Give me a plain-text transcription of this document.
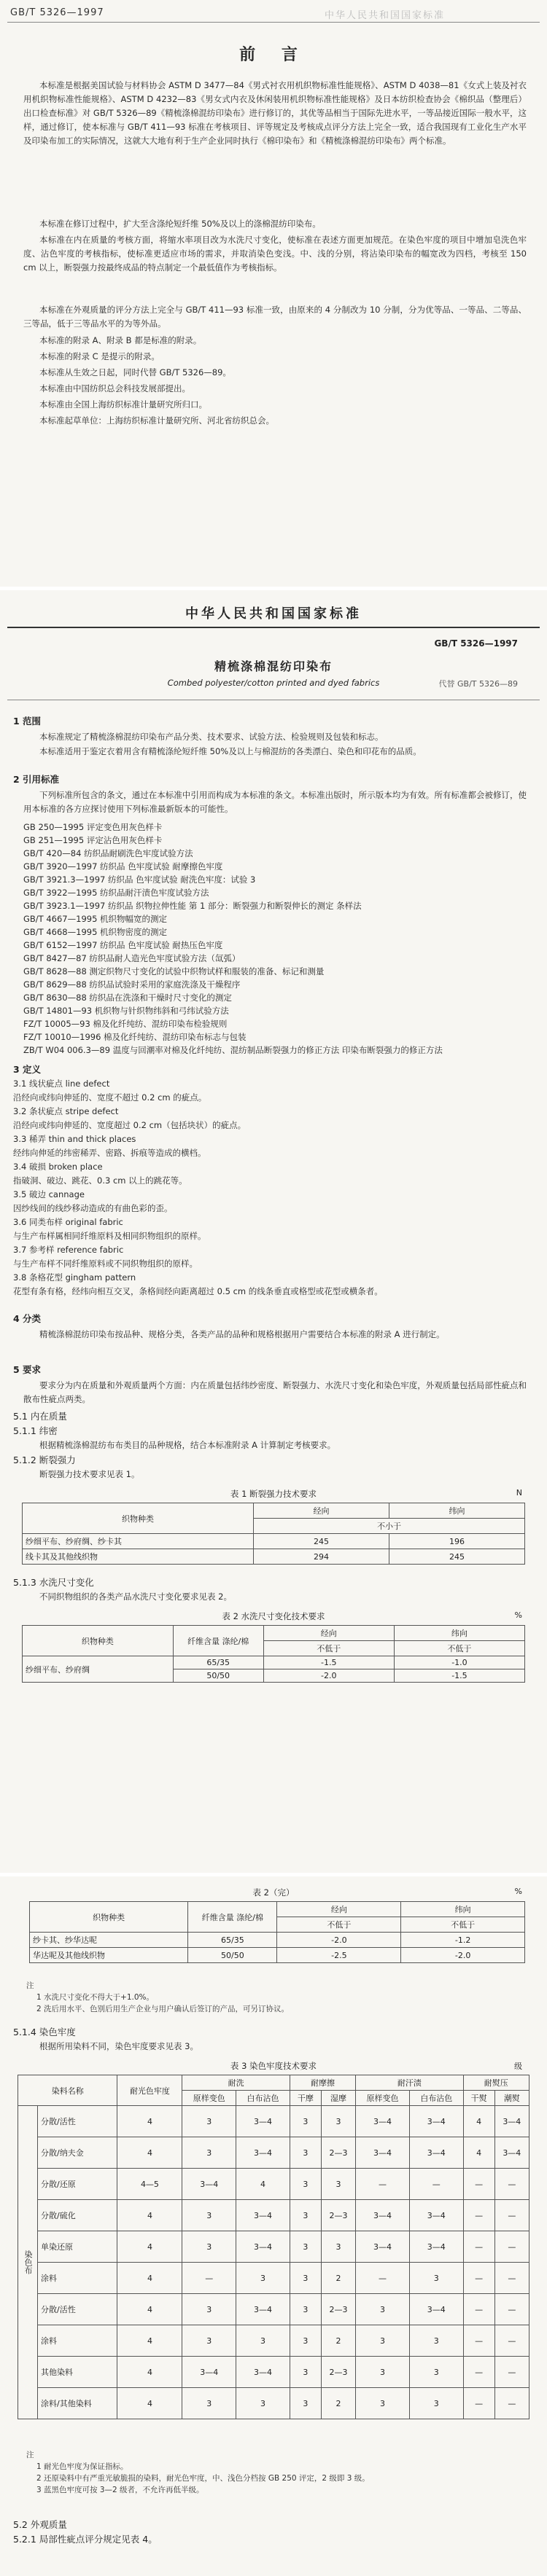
GB/T 5326—1997	中华人民共和国国家标准
前 言
本标准是根据美国试验与材料协会 ASTM D 3477—84《男式衬衣用机织物标准性能规格》、ASTM D 4038—81《女式上装及衬衣用机织物标准性能规格》、ASTM D 4232—83《男女式内衣及休闲装用机织物标准性能规格》及日本纺织检查协会《棉织品（整理后）出口检查标准》对 GB/T 5326—89《精梳涤棉混纺印染布》进行修订的，其优等品相当于国际先进水平，一等品接近国际一般水平，这样，通过修订，使本标准与 GB/T 411—93 标准在考核项目、评等规定及考核成点评分方法上完全一致，适合我国现有工业化生产水平及印染布加工的实际情况，这就大大地有利于生产企业同时执行《棉印染布》和《精梳涤棉混纺印染布》两个标准。
本标准在修订过程中，扩大至含涤纶短纤维 50%及以上的涤棉混纺印染布。
本标准在内在质量的考核方面，将缩水率项目改为水洗尺寸变化，使标准在表述方面更加规范。在染色牢度的项目中增加皂洗色牢度、沾色牢度的考核指标，使标准更适应市场的需求，并取消染色变浅。中、浅的分别，将沾染印染布的幅宽改为四档，考核至 150 cm 以上，断裂强力按最终成品的特点制定一个最低值作为考核指标。
本标准在外观质量的评分方法上完全与 GB/T 411—93 标准一致，由原来的 4 分制改为 10 分制，分为优等品、一等品、二等品、三等品，低于三等品水平的为等外品。
本标准的附录 A、附录 B 都是标准的附录。
本标准的附录 C 是提示的附录。
本标准从生效之日起，同时代替 GB/T 5326—89。
本标准由中国纺织总会科技发展部提出。
本标准由全国上海纺织标准计量研究所归口。
本标准起草单位：上海纺织标准计量研究所、河北省纺织总会。
中华人民共和国国家标准
精梳涤棉混纺印染布
GB/T 5326—1997
Combed polyester/cotton printed and dyed fabrics	代替 GB/T 5326—89
1 范围
本标准规定了精梳涤棉混纺印染布产品分类、技术要求、试验方法、检验规则及包装和标志。
本标准适用于鉴定衣着用含有精梳涤纶短纤维 50%及以上与棉混纺的各类漂白、染色和印花布的品质。
2 引用标准
下列标准所包含的条文，通过在本标准中引用而构成为本标准的条文。本标准出版时，所示版本均为有效。所有标准都会被修订，使用本标准的各方应探讨使用下列标准最新版本的可能性。
GB 250—1995 评定变色用灰色样卡
GB 251—1995 评定沾色用灰色样卡
GB/T 420—84 纺织品耐刷洗色牢度试验方法
GB/T 3920—1997 纺织品 色牢度试验 耐摩擦色牢度
GB/T 3921.3—1997 纺织品 色牢度试验 耐洗色牢度：试验 3
GB/T 3922—1995 纺织品耐汗渍色牢度试验方法
GB/T 3923.1—1997 纺织品 织物拉伸性能 第 1 部分：断裂强力和断裂伸长的测定 条样法
GB/T 4667—1995 机织物幅宽的测定
GB/T 4668—1995 机织物密度的测定
GB/T 6152—1997 纺织品 色牢度试验 耐热压色牢度
GB/T 8427—87 纺织品耐人造光色牢度试验方法（氙弧）
GB/T 8628—88 测定织物尺寸变化的试验中织物试样和服装的准备、标记和测量
GB/T 8629—88 纺织品试验时采用的家庭洗涤及干燥程序
GB/T 8630—88 纺织品在洗涤和干燥时尺寸变化的测定
GB/T 14801—93 机织物与针织物纬斜和弓纬试验方法
FZ/T 10005—93 棉及化纤纯纺、混纺印染布检验规则
FZ/T 10010—1996 棉及化纤纯纺、混纺印染布标志与包装
ZB/T W04 006.3—89 温度与回潮率对棉及化纤纯纺、混纺制品断裂强力的修正方法 印染布断裂强力的修正方法
3 定义
3.1 线状疵点 line defect
沿经向或纬向伸延的、宽度不超过 0.2 cm 的疵点。
3.2 条状疵点 stripe defect
沿经向或纬向伸延的、宽度超过 0.2 cm（包括块状）的疵点。
3.3 稀弄 thin and thick places
经纬向伸延的纬密稀弄、密路、拆痕等造成的横档。
3.4 破损 broken place
指破洞、破边、跳花、0.3 cm 以上的跳花等。
3.5 破边 cannage
因纱线间的线纱移动造成的有曲色彩的歪。
3.6 同类布样 original fabric
与生产布样属相同纤维原料及相同织物组织的原样。
3.7 参考样 reference fabric
与生产布样不同纤维原料或不同织物组织的原样。
3.8 条格花型 gingham pattern
花型有条有格，经纬向相互交叉，条格间经向距离超过 0.5 cm 的线条垂直或格型或花型或横条者。
4 分类
精梳涤棉混纺印染布按品种、规格分类，各类产品的品种和规格根据用户需要结合本标准的附录 A 进行制定。
5 要求
要求分为内在质量和外观质量两个方面：内在质量包括纬纱密度、断裂强力、水洗尺寸变化和染色牢度，外观质量包括局部性疵点和散布性疵点两类。
5.1 内在质量
5.1.1 纬密
根据精梳涤棉混纺布布类目的品种规格，结合本标准附录 A 计算制定考核要求。
5.1.2 断裂强力
断裂强力技术要求见表 1。
表 1 断裂强力技术要求	N
织物种类	经向	纬向
	不小于	
纱细平布、纱府绸、纱卡其	245	196
线卡其及其他线织物	294	245
5.1.3 水洗尺寸变化
不同织物组织的各类产品水洗尺寸变化要求见表 2。
表 2 水洗尺寸变化技术要求	%
织物种类	纤维含量 涤纶/棉	经向	纬向
		不低于	不低于
纱细平布、纱府绸	65/35	-1.5	-1.0
	50/50	-2.0	-1.5
表 2（完）	%
织物种类	纤维含量 涤纶/棉	经向	纬向
		不低于	不低于
纱卡其、纱华达呢	65/35	-2.0	-1.2
华达呢及其他线织物	50/50	-2.5	-2.0
注
1 水洗尺寸变化不得大于+1.0%。
2 洗后用水平、色别后用生产企业与用户确认后签订的产品，可另订协议。
5.1.4 染色牢度
根据所用染料不同，染色牢度要求见表 3。
表 3 染色牢度技术要求	级
染料名称		耐光色牢度	耐洗		耐摩擦		耐汗渍		耐熨压	
			原样变色	白布沾色	干摩	湿摩	原样变色	白布沾色	干熨	潮熨
染色布	分散/活性	4	3	3—4	3	3	3—4	3—4	4	3—4
	分散/纳夫金	4	3	3—4	3	2—3	3—4	3—4	4	3—4
	分散/还原	4—5	3—4	4	3	3	—	—	—	—
	分散/硫化	4	3	3—4	3	2—3	3—4	3—4	—	—
	单染还原	4	3	3—4	3	3	3—4	3—4	—	—
	涂料	4	—	3	3	2	—	3	—	—
	分散/活性	4	3	3—4	3	2—3	3	3—4	—	—
	涂料	4	3	3	3	2	3	3	—	—
	其他染料	4	3—4	3—4	3	2—3	3	3	—	—
	涂料/其他染料	4	3	3	3	2	3	3	—	—
注
1 耐光色牢度为保证指标。
2 还原染料中有严重光敏脆损的染料，耐光色牢度，中、浅色分档按 GB 250 评定，2 级即 3 级。
3 蓝黑色牢度可按 3—2 级者，不允许再低半级。
5.2 外观质量
5.2.1 局部性疵点评分规定见表 4。
